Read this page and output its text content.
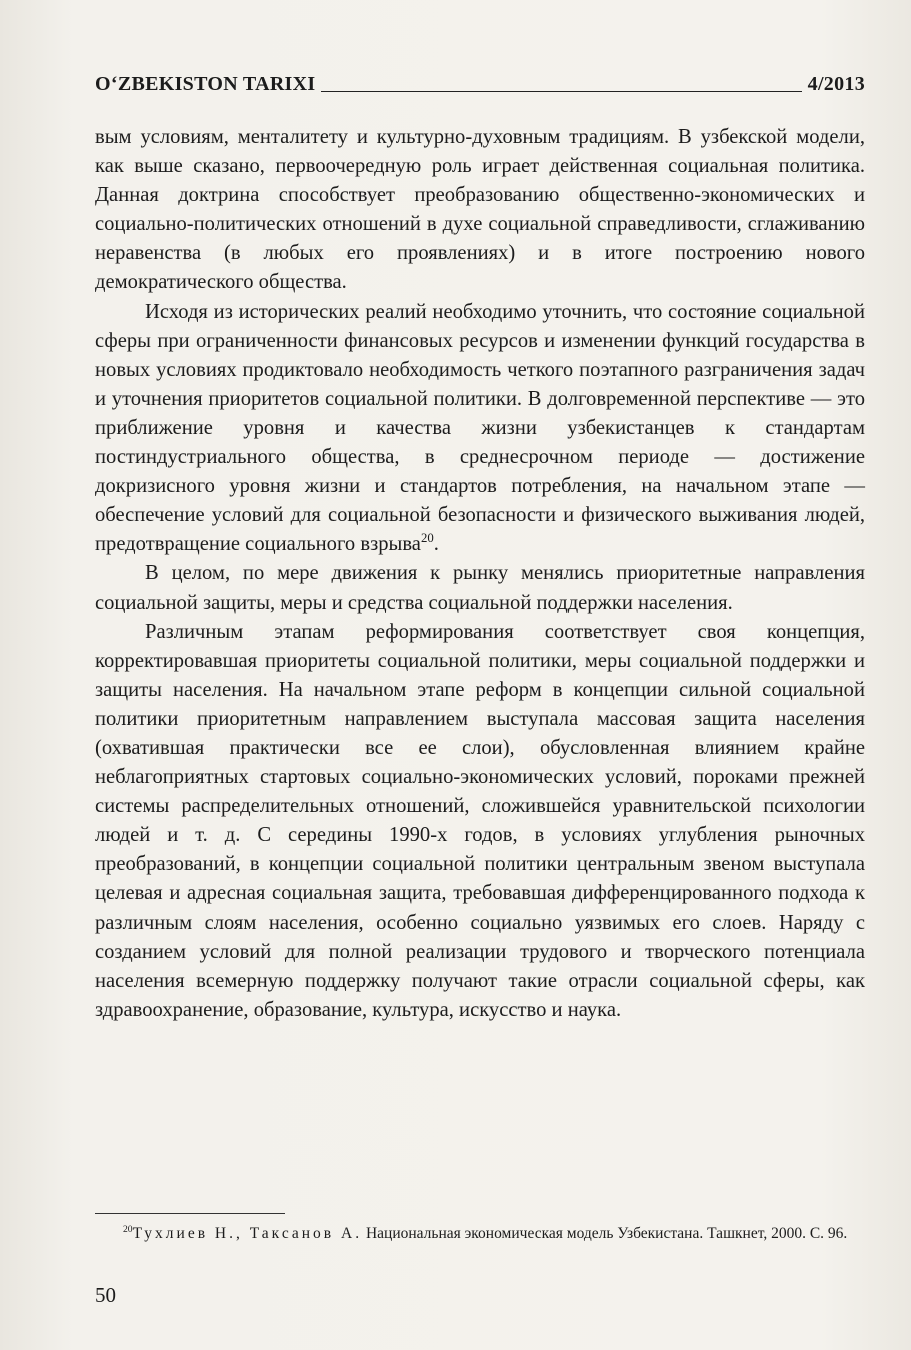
O‘ZBEKISTON TARIXI	4/2013

вым условиям, менталитету и культурно-духовным традициям. В узбекской модели, как выше сказано, первоочередную роль играет действенная социальная политика. Данная доктрина способствует преобразованию общественно-экономических и социально-политических отношений в духе социальной справедливости, сглаживанию неравенства (в любых его проявлениях) и в итоге построению нового демократического общества.

Исходя из исторических реалий необходимо уточнить, что состояние социальной сферы при ограниченности финансовых ресурсов и изменении функций государства в новых условиях продиктовало необходимость четкого поэтапного разграничения задач и уточнения приоритетов социальной политики. В долговременной перспективе — это приближение уровня и качества жизни узбекистанцев к стандартам постиндустриального общества, в среднесрочном периоде — достижение докризисного уровня жизни и стандартов потребления, на начальном этапе — обеспечение условий для социальной безопасности и физического выживания людей, предотвращение социального взрыва$^{20}$.

В целом, по мере движения к рынку менялись приоритетные направления социальной защиты, меры и средства социальной поддержки населения.

Различным этапам реформирования соответствует своя концепция, корректировавшая приоритеты социальной политики, меры социальной поддержки и защиты населения. На начальном этапе реформ в концепции сильной социальной политики приоритетным направлением выступала массовая защита населения (охватившая практически все ее слои), обусловленная влиянием крайне неблагоприятных стартовых социально-экономических условий, пороками прежней системы распределительных отношений, сложившейся уравнительской психологии людей и т. д. С середины 1990-х годов, в условиях углубления рыночных преобразований, в концепции социальной политики центральным звеном выступала целевая и адресная социальная защита, требовавшая дифференцированного подхода к различным слоям населения, особенно социально уязвимых его слоев. Наряду с созданием условий для полной реализации трудового и творческого потенциала населения всемерную поддержку получают такие отрасли социальной сферы, как здравоохранение, образование, культура, искусство и наука.

$^{20}$Тухлиев Н., Таксанов А. Национальная экономическая модель Узбекистана. Ташкнет, 2000. С. 96.
50
